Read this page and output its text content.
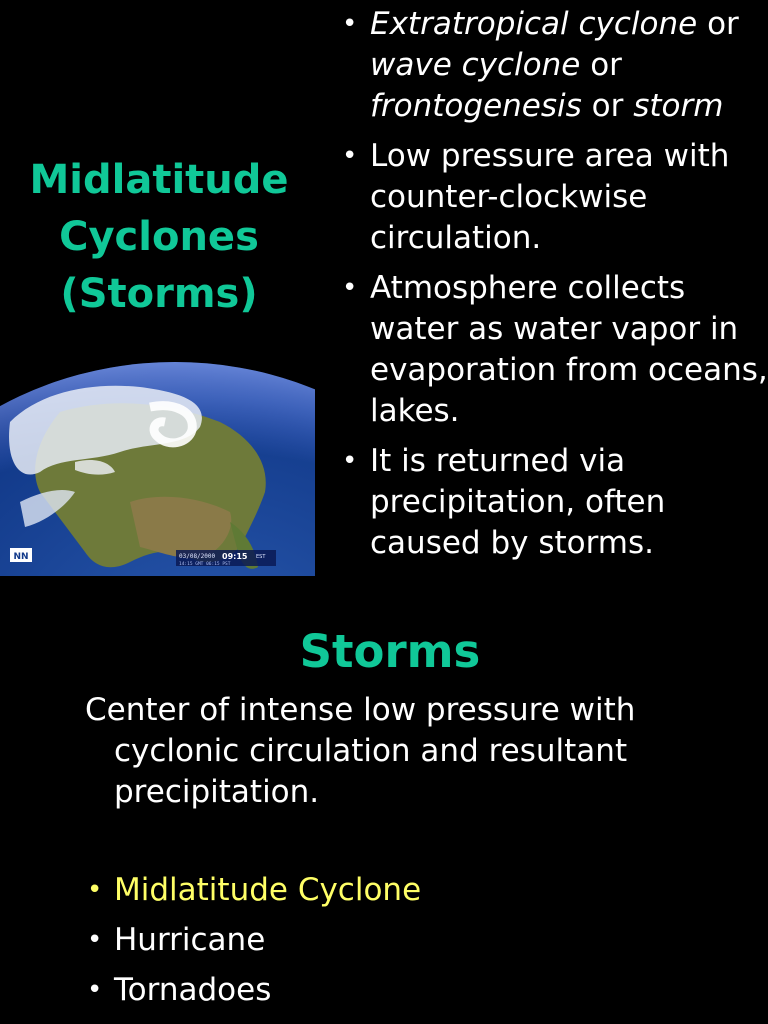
Midlatitude
Cyclones
(Storms)
NN	03/08/2000 09:15 EST
14:15 GMT 06:15 PST
• Extratropical cyclone or wave cyclone or frontogenesis or storm
• Low pressure area with counter-clockwise circulation.
• Atmosphere collects water as water vapor in evaporation from oceans, lakes.
• It is returned via precipitation, often caused by storms.
Storms

Center of intense low pressure with cyclonic circulation and resultant precipitation.

• Midlatitude Cyclone
• Hurricane
• Tornadoes
